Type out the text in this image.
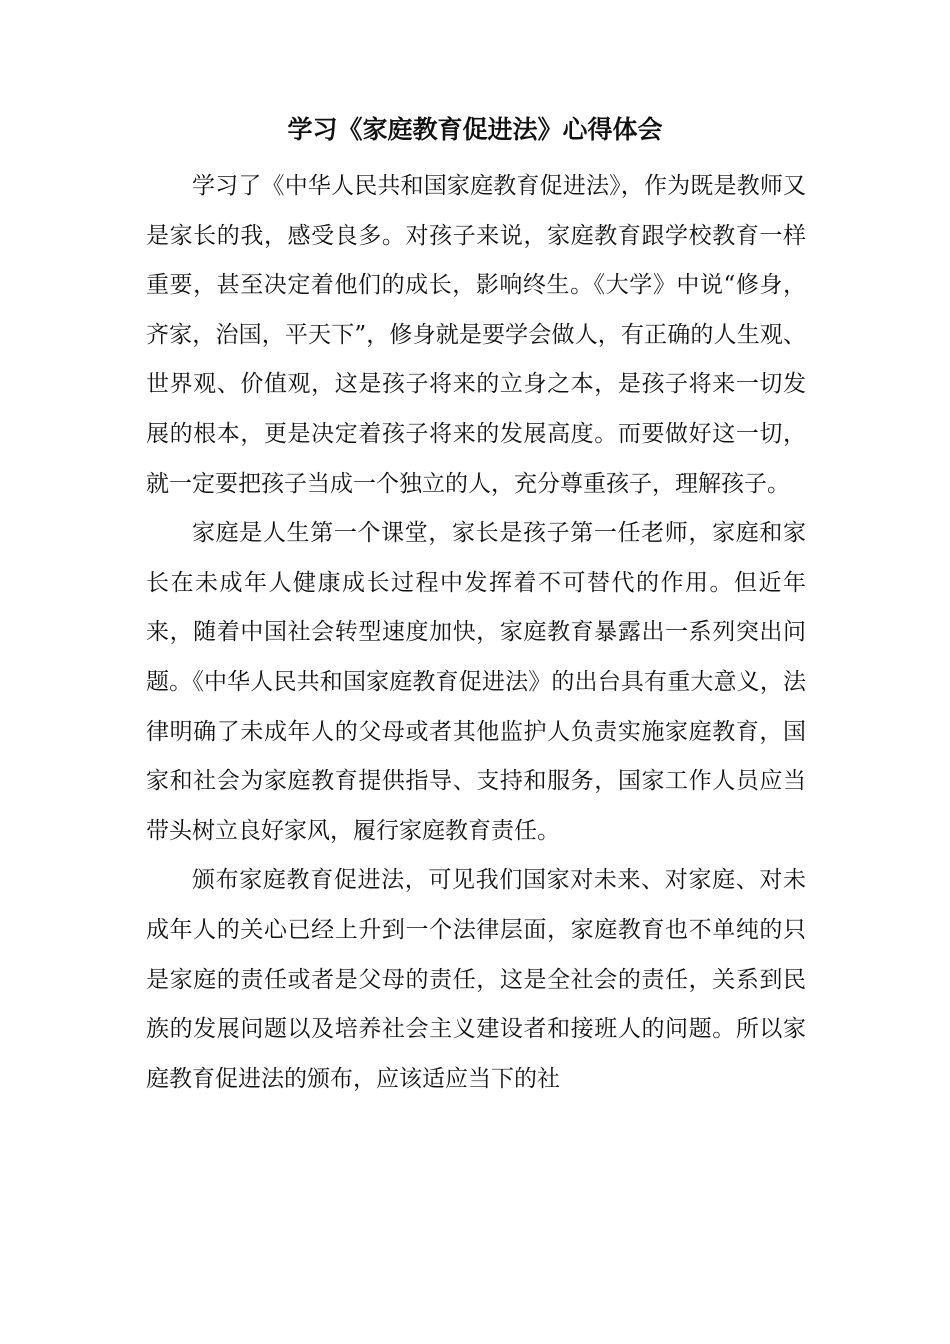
学习《家庭教育促进法》心得体会

学习了《中华人民共和国家庭教育促进法》，作为既是教师又是家长的我，感受良多。对孩子来说，家庭教育跟学校教育一样重要，甚至决定着他们的成长，影响终生。《大学》中说“修身，齐家，治国，平天下”，修身就是要学会做人，有正确的人生观、世界观、价值观，这是孩子将来的立身之本，是孩子将来一切发展的根本，更是决定着孩子将来的发展高度。而要做好这一切，就一定要把孩子当成一个独立的人，充分尊重孩子，理解孩子。

家庭是人生第一个课堂，家长是孩子第一任老师，家庭和家长在未成年人健康成长过程中发挥着不可替代的作用。但近年来，随着中国社会转型速度加快，家庭教育暴露出一系列突出问题。《中华人民共和国家庭教育促进法》的出台具有重大意义，法律明确了未成年人的父母或者其他监护人负责实施家庭教育，国家和社会为家庭教育提供指导、支持和服务，国家工作人员应当带头树立良好家风，履行家庭教育责任。

颁布家庭教育促进法，可见我们国家对未来、对家庭、对未成年人的关心已经上升到一个法律层面，家庭教育也不单纯的只是家庭的责任或者是父母的责任，这是全社会的责任，关系到民族的发展问题以及培养社会主义建设者和接班人的问题。所以家庭教育促进法的颁布，应该适应当下的社
